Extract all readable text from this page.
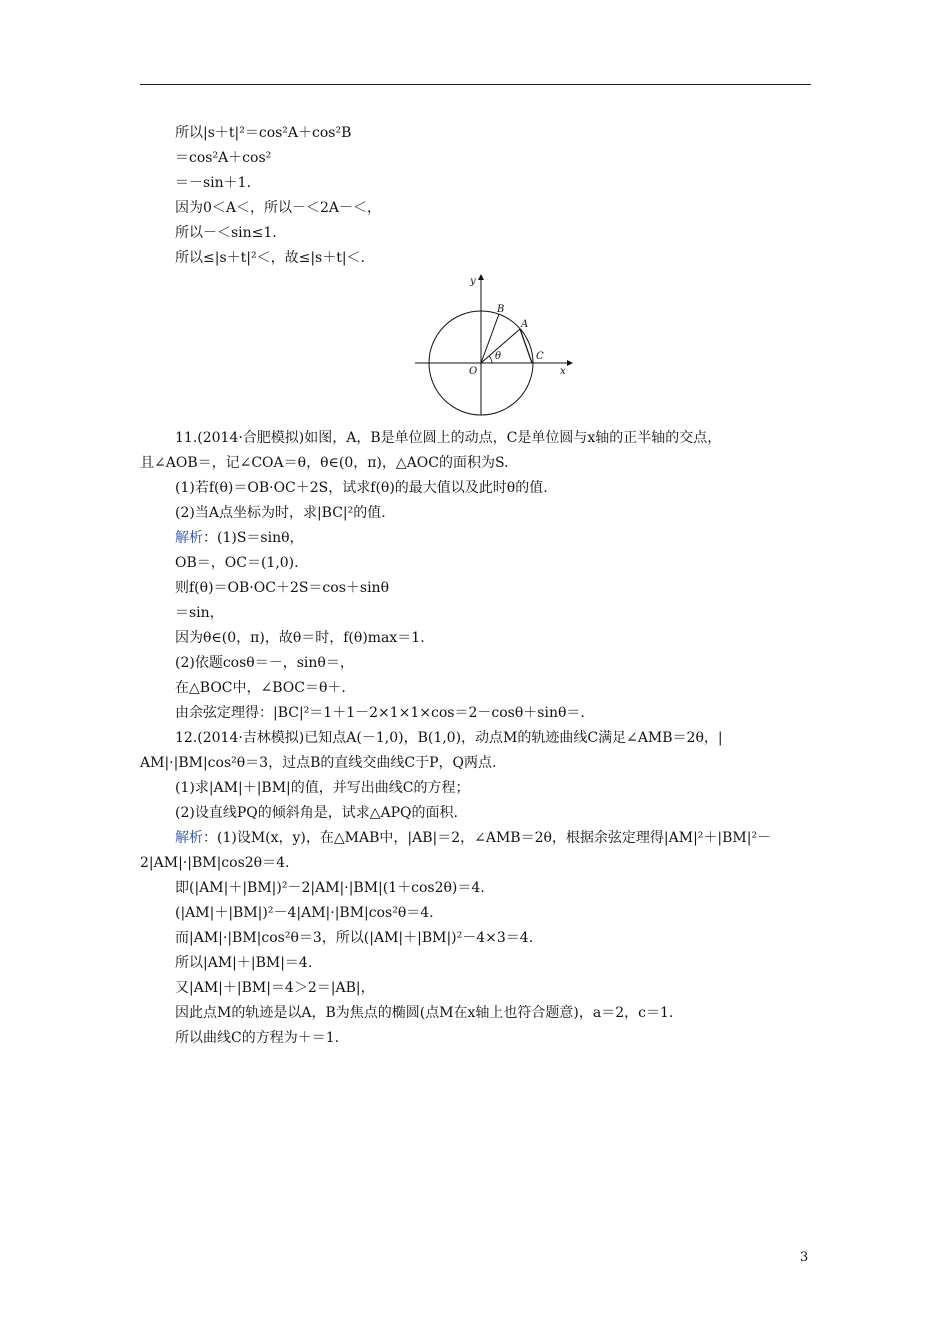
所以|s＋t|²＝cos²A＋cos²B
＝cos²A＋cos²
＝－sin＋1.
因为0＜A＜，所以－＜2A－＜，
所以－＜sin≤1.
所以≤|s＋t|²＜，故≤|s＋t|＜.
11.(2014·合肥模拟)如图，A，B是单位圆上的动点，C是单位圆与x轴的正半轴的交点，
且∠AOB＝，记∠COA＝θ，θ∈(0，π)，△AOC的面积为S.
(1)若f(θ)＝OB·OC＋2S，试求f(θ)的最大值以及此时θ的值.
(2)当A点坐标为时，求|BC|²的值.
解析：(1)S＝sinθ，
OB＝，OC＝(1,0).
则f(θ)＝OB·OC＋2S＝cos＋sinθ
＝sin，
因为θ∈(0，π)，故θ＝时，f(θ)max＝1.
(2)依题cosθ＝－，sinθ＝，
在△BOC中，∠BOC＝θ＋.
由余弦定理得：|BC|²＝1＋1－2×1×1×cos＝2－cosθ＋sinθ＝.
12.(2014·吉林模拟)已知点A(－1,0)，B(1,0)，动点M的轨迹曲线C满足∠AMB＝2θ，|
AM|·|BM|cos²θ＝3，过点B的直线交曲线C于P，Q两点.
(1)求|AM|＋|BM|的值，并写出曲线C的方程；
(2)设直线PQ的倾斜角是，试求△APQ的面积.
解析：(1)设M(x，y)，在△MAB中，|AB|＝2，∠AMB＝2θ，根据余弦定理得|AM|²＋|BM|²－
2|AM|·|BM|cos2θ＝4.
即(|AM|＋|BM|)²－2|AM|·|BM|(1＋cos2θ)＝4.
(|AM|＋|BM|)²－4|AM|·|BM|cos²θ＝4.
而|AM|·|BM|cos²θ＝3，所以(|AM|＋|BM|)²－4×3＝4.
所以|AM|＋|BM|＝4.
又|AM|＋|BM|＝4＞2＝|AB|，
因此点M的轨迹是以A，B为焦点的椭圆(点M在x轴上也符合题意)，a＝2，c＝1.
所以曲线C的方程为＋＝1.
y
x
O
B
A
C
θ
3
